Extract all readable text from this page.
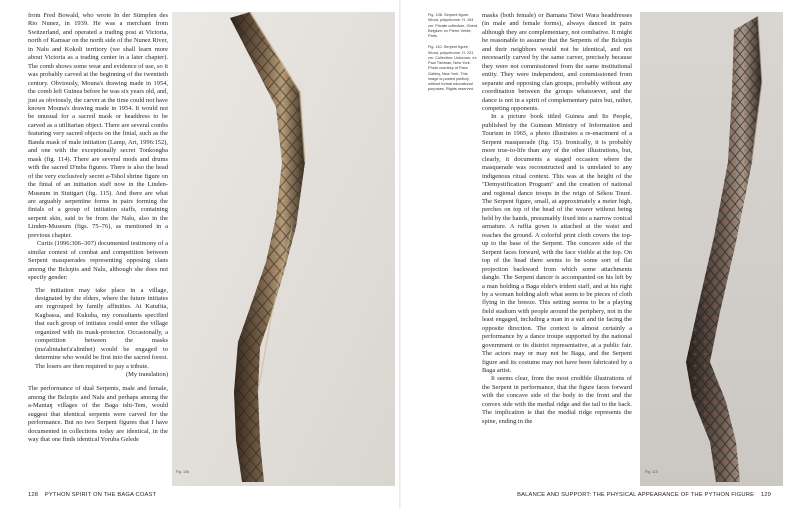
from Fred Bowald, who wrote In der Sümpfen des Rio Nunez, in 1939. He was a merchant from Switzerland, and operated a trading post at Victoria, north of Kamsar on the north side of the Nunez River, in Nalu and Kokoli territory (we shall learn more about Victoria as a trading center in a later chapter). The comb shows some wear and evidence of use, so it was probably carved at the beginning of the twentieth century. Obviously, Mouna's drawing made in 1954, the comb left Guinea before he was six years old, and, just as obviously, the carver at the time could not have known Mouna's drawing made in 1954. It would not be unusual for a sacred mask or headdress to be carved as a utilitarian object. There are several combs featuring very sacred objects on the finial, such as the Banda mask of male initiation (Lamp, Art, 1996:152), and one with the exceptionally secret Tonkongba mask (fig. 114). There are several mods and drums with the sacred D'mba figures. There is also the head of the very exclusively secret a-Tshol shrine figure on the finial of an initiation staff now in the Linden-Museum in Stuttgart (fig. 115). And there are what are arguably serpentine forms in pairs forming the finials of a group of initiation staffs, containing serpent skin, said to be from the Nalu, also in the Linden-Museum (figs. 75–76), as mentioned in a previous chapter.

Curtis (1996:306–307) documented testimony of a similar context of combat and competition between Serpent masquerades representing opposing clans among the Bɛlɛŋits and Nalu, although she does not specify gender:

The initiation may take place in a village, designated by the elders, where the future initiates are regrouped by family affinities. At Katufita, Kagbassa, and Kukuba, my consultants specified that each group of initiates could enter the village organized with its mask-protector. Occasionally, a competition between the masks (ma'alintahet'a'alinthet) would be engaged to determine who would be first into the sacred forest. The losers are then required to pay a tribute.
(My translation)

The performance of dual Serpents, male and female, among the Bɛlɛŋits and Nalu and perhaps among the a-Mantaŋ villages of the Baga tshi-Tem, would suggest that identical serpents were carved for the performance. But no two Serpent figures that I have documented in collections today are identical, in the way that one finds identical Yoruba Gelede

Fig. 108

Fig. 108. Serpent figure. Wood, polychrome. H. 194 cm. Private collection, Ghent, Belgium; ex Pierre Vérité, Paris.

Fig. 110. Serpent figure. Wood, polychrome. H. 221 cm. Collection: Unknown; ex Paul Tishman, New York. Photo courtesy of Pace Gallery, New York. This image is posted publicly without formal educational purposes. Rights reserved.

masks (both female) or Bamana Tsiwi Wara headdresses (in male and female forms), always danced in pairs although they are complementary, not combative. It might be reasonable to assume that the Serpents of the Bɛlɛŋits and their neighbors would not be identical, and not necessarily carved by the same carver, precisely because they were not commissioned from the same institutional entity. They were independent, and commissioned from separate and opposing clan groups, probably without any coordination between the groups whatsoever, and the dance is not in a spirit of complementary pairs but, rather, competing opponents.

In a picture book titled Guinea and Its People, published by the Guinean Ministry of Information and Tourism in 1965, a photo illustrates a re-enactment of a Serpent masquerade (fig. 15). Ironically, it is probably more true-to-life than any of the other illustrations, but, clearly, it documents a staged occasion where the masquerade was reconstructed and is unrelated to any indigenous ritual context. This was at the height of the "Demystification Program" and the creation of national and regional dance troops in the reign of Sékou Touré. The Serpent figure, small, at approximately a meter high, perches on top of the head of the wearer without being held by the hands, presumably fixed into a narrow conical armature. A raffia gown is attached at the waist and reaches the ground. A colorful print cloth covers the top-up to the base of the Serpent. The concave side of the Serpent faces forward, with the face visible at the top. On top of the head there seems to be some sort of flat projection backward from which some attachments dangle. The Serpent dancer is accompanied on his left by a man holding a Baga elder's trident staff, and at his right by a woman holding aloft what seem to be pieces of cloth flying in the breeze. This setting seems to be a playing field stadium with people around the periphery, not in the least engaged, including a man in a suit and tie facing the opposite direction. The context is almost certainly a performance by a dance troupe supported by the national government or its district representative, at a public fair. The actors may or may not be Baga, and the Serpent figure and its costume may not have been fabricated by a Baga artist.

It seems clear, from the most credible illustrations of the Serpent in performance, that the figure faces forward with the concave side of the body to the front and the convex side with the medial ridge and the tail to the back. The implication is that the medial ridge represents the spine, ending in the

Fig. 110
128 PYTHON SPIRIT ON THE BAGA COAST	BALANCE AND SUPPORT: THE PHYSICAL APPEARANCE OF THE PYTHON FIGURE 129
